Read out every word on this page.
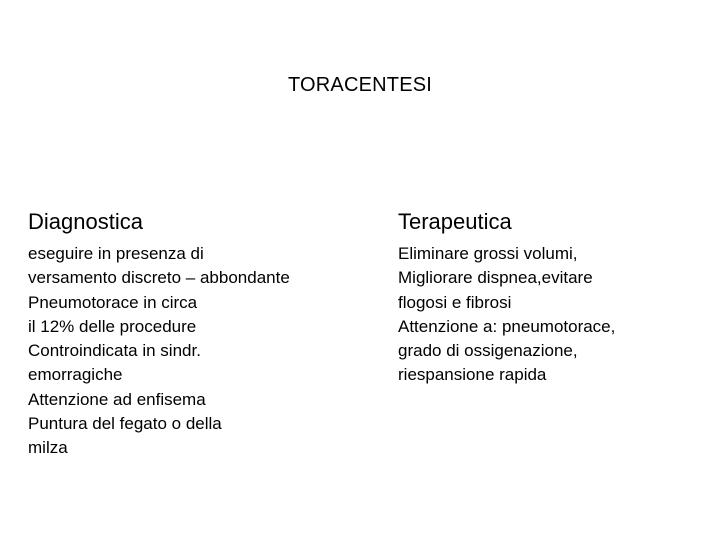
TORACENTESI
Diagnostica
eseguire in presenza di
versamento discreto – abbondante
Pneumotorace in circa
il 12% delle procedure
Controindicata in sindr.
emorragiche
Attenzione ad enfisema
Puntura del fegato o della
milza
Terapeutica
Eliminare grossi volumi,
Migliorare dispnea,evitare
flogosi e fibrosi
Attenzione a: pneumotorace,
grado di ossigenazione,
riespansione rapida
